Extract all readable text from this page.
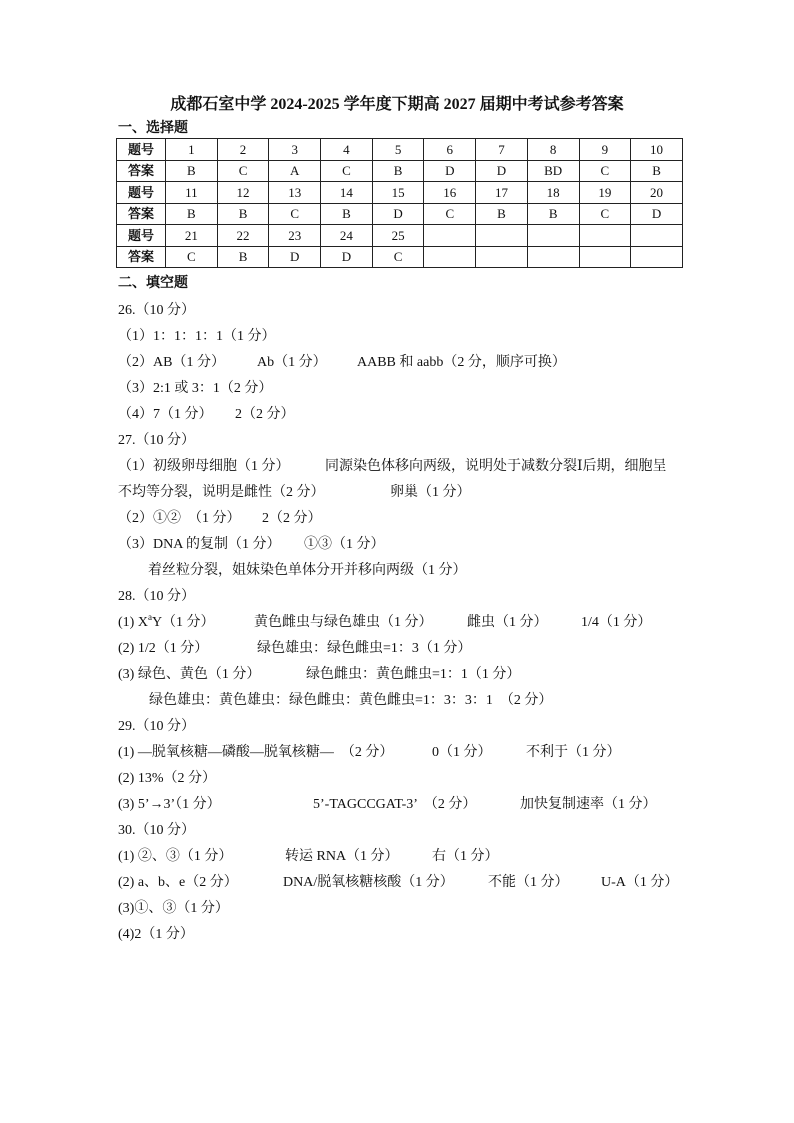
成都石室中学 2024-2025 学年度下期高 2027 届期中考试参考答案
一、选择题
题号	1	2	3	4	5	6	7	8	9	10
答案	B	C	A	C	B	D	D	BD	C	B
题号	11	12	13	14	15	16	17	18	19	20
答案	B	B	C	B	D	C	B	B	C	D
题号	21	22	23	24	25					
答案	C	B	D	D	C					
二、填空题
26.（10 分）
（1）1：1：1：1（1 分）
（2）AB（1 分） Ab（1 分） AABB 和 aabb（2 分，顺序可换）
（3）2:1 或 3：1（2 分）
（4）7（1 分） 2（2 分）
27.（10 分）
（1）初级卵母细胞（1 分）	同源染色体移向两级，说明处于减数分裂Ⅰ后期，细胞呈
不均等分裂，说明是雌性（2 分）	卵巢（1 分）
（2）①②  （1 分） 2（2 分）
（3）DNA 的复制（1 分） ①③（1 分）
着丝粒分裂，姐妹染色单体分开并移向两级（1 分）
28.（10 分）
(1) $X^aY(1$ 分）	黄色雌虫与绿色雄虫（1 分） 雌虫（1 分） 1/4（1 分）
(2) 1/2（1 分）	绿色雄虫：绿色雌虫=1：3（1 分）
(3) 绿色、黄色（1 分）	绿色雌虫：黄色雌虫=1：1（1 分）
绿色雄虫：黄色雄虫：绿色雌虫：黄色雌虫=1：3：3：1  （2 分）
29.（10 分）
(1) —脱氧核糖—磷酸—脱氧核糖—  （2 分）	0（1 分） 不利于（1 分）
(2) 13%（2 分）
(3) 5’→3’（1 分）	5’-TAGCCGAT-3’  （2 分）	加快复制速率（1 分）
30.（10 分）
(1) ②、③（1 分）	转运 RNA（1 分） 右（1 分）
(2) a、b、e（2 分）	DNA/脱氧核糖核酸（1 分） 不能（1 分） U-A（1 分）
(3)①、③（1 分）
(4)2（1 分）
